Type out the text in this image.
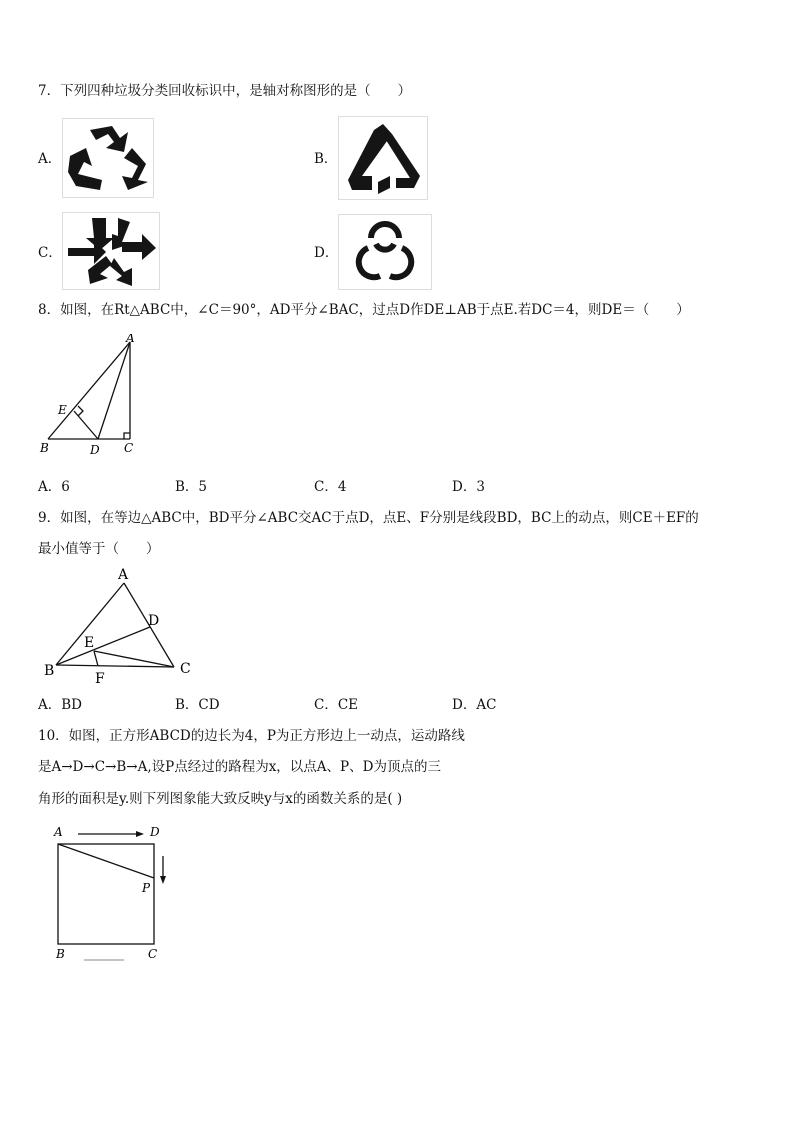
7．下列四种垃圾分类回收标识中，是轴对称图形的是（　　）
A．	B．
C．	D．
8．如图，在Rt△ABC中，∠C＝90°，AD平分∠BAC，过点D作DE⊥AB于点E.若DC＝4，则DE＝（　　）
A
B	C
D
E
A．6	B．5	C．4	D．3
9．如图，在等边△ABC中，BD平分∠ABC交AC于点D，点E、F分别是线段BD，BC上的动点，则CE＋EF的
最小值等于（　　）
A
B	C
D
E
F
A．BD	B．CD	C．CE	D．AC
10．如图，正方形ABCD的边长为4，P为正方形边上一动点，运动路线
是A→D→C→B→A,设P点经过的路程为x，以点A、P、D为顶点的三
角形的面积是y.则下列图象能大致反映y与x的函数关系的是( )
A	D
P
B	C
